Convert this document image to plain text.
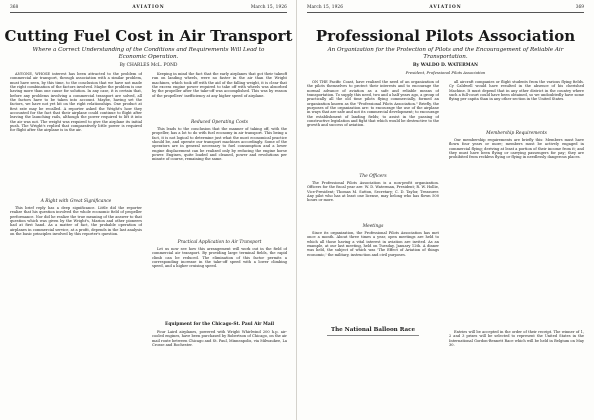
368	AVIATION	March 15, 1926
Cutting Fuel Cost in Air Transport
Where a Correct Understanding of the Conditions and Requirements Will Lead to Economic Operation.
By CHARLES McL. POND

ANYONE, WHOSE interest has been attracted to the problem of commercial air transport, through association with a similar problem, must have seen, by this time, to the conclusion that we have not made the right combination of the factors involved. Maybe the problem is one having more than one cause for solution. In any case, it is certain that, before any problems involving a commercial transport are solved, all the factors have to be taken into account. Maybe, having set the factors, we have not yet hit on the right relationships. One product at first rate may be recalled. A reporter asked the Wright's how they accounted for the fact that their airplane could continue to flight after leaving the launching rails, although the power required to lift it into the air was not. The weight was required to give the airplane its initial push. The Wright's replied that comparatively little power is required for flight after the airplane is in the air.

A Right with Great Significance

This brief reply has a deep significance. Little did the reporter realize that his question involved the whole economic field of propeller performance. Nor did he realize the true meaning of the answer to that question which was given by the Wright's, Marion and other pioneers had at first hand. As a matter of fact, the probable operation of airplanes in commercial service, at a profit, depends in the last analysis on the basic principles involved by this reporter's question.

Keeping in mind the fact that the early airplanes that got their takeoff run on landing wheels, were no faster in the air than the Wright machines, which took off with the aid of the falling weight, it is clear that the excess engine power required to take off with wheels was absorbed by the propeller after the take-off was accomplished. This was by reason of the propellers' inefficiency at any higher speed of airplane.

Reduced Operating Costs

This leads to the conclusion that the manner of taking off, with the propeller, has a lot to do with fuel economy in air transport. This being a fact, it is not logical to determine just what the most economical practice should be, and operate our transport machines accordingly. Some of the operators are in general necessary to fuel consumption and a lower engine displacement can be realized only by reducing the engine horse power. Engines, quite loaded and cleaned, power and revolutions per minute of course, remaining the same.

Practical Application to Air Transport

Let us now see how this arrangement will work out in the field of commercial air transport. By providing large terminal fields, the rapid climb can be reduced. The elimination of this factor permits a corresponding increase in the take-off speed with a lower climbing speed, and a higher cruising speed.

Equipment for the Chicago-St. Paul Air Mail

Four Laird airplanes, powered with Wright Whirlwind 200 h.p. air-cooled engines, have been purchased by Robertson of Chicago, on the air mail route between Chicago and St. Paul, Minneapolis, via Milwaukee, La Crosse and Rochester.

March 15, 1926	AVIATION	369
Professional Pilots Association
An Organization for the Protection of Pilots and the Encouragement of Reliable Air Transportation.
By WALDO D. WATERMAN
President, Professional Pilots Association

ON THE Pacific Coast, have realized the need of an organization of the pilots themselves to protect their interests and to encourage the normal advance of aviation as a safe and reliable means of transportation. To supply this need, two and a half years ago, a group of practically all the old time pilots flying commercially, formed an organization known as the "Professional Pilots Association." Briefly, the purposes of the organization are: to encourage the use of the airplane in ways that are safe and not its commercial development; to encourage the establishment of landing fields; to assist in the passing of constructive legislation and fight that which would be destructive to the growth and success of aviation.

The Officers

The Professional Pilots Association is a non-profit organization. Officers for the fiscal year are: W. D. Waterman, President; R. W. Hollie, Vice-President; Thomas M. Sutton, Secretary; C. D. Taylor, Treasurer. Any pilot who has at least one license, may belong who has flown 500 hours or more.

Meetings

Since its organization, the Professional Pilots Association has met once a month. About three times a year, open meetings are held to which all those having a vital interest in aviation are invited. As an example, at our last meeting, held on Tuesday, January 12th. A dinner was held, the subject of which was 'The Effect of Aviation of things economic,' the military, instruction and civil purposes.

all aircraft companies or flight students from the various flying fields. Cy Caldwell would have resulted in the absence of his cherished Machine. It must depend that in any other district in the country where such a full-court could have been obtained, so we undoubtedly have some flying per capita than in any other section in the United States.

Membership Requirements

Our membership requirements are briefly this: Members must have flown four years or more; members must be actively engaged in commercial flying; deriving at least a portion of their income from it; and they must have been flying or carrying passengers for pay; they are prohibited from reckless flying or flying in needlessly dangerous places.

The National Balloon Race	Entries will be accepted in the order of their receipt. The winner of 1, 2 and 3 prizes will be selected to represent the United States in the International Gordon-Bennett Race which will be held in Belgium on May 30.
